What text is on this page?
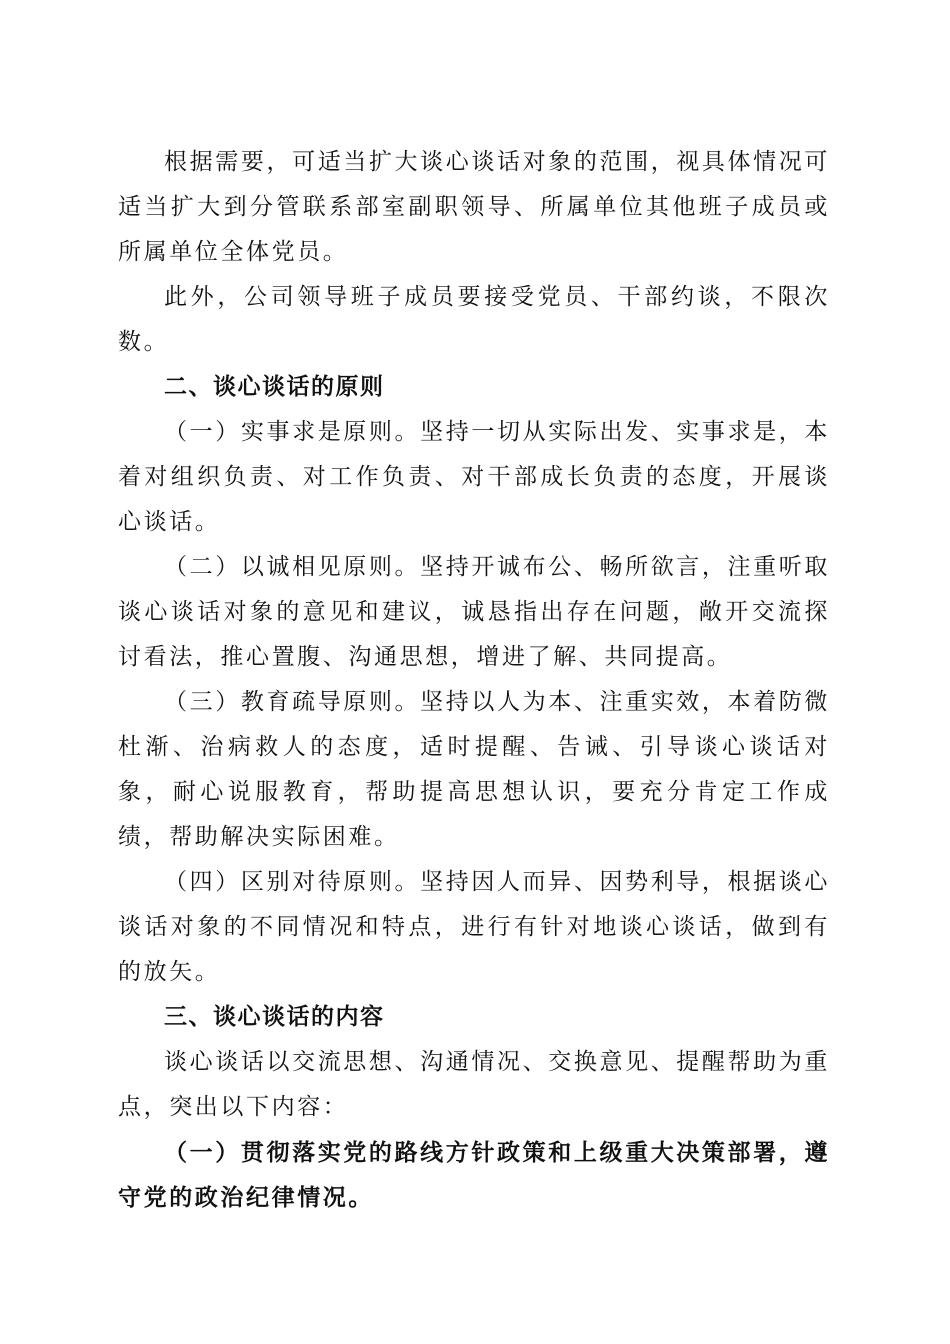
根据需要，可适当扩大谈心谈话对象的范围，视具体情况可适当扩大到分管联系部室副职领导、所属单位其他班子成员或所属单位全体党员。

此外，公司领导班子成员要接受党员、干部约谈，不限次数。

二、谈心谈话的原则

（一）实事求是原则。坚持一切从实际出发、实事求是，本着对组织负责、对工作负责、对干部成长负责的态度，开展谈心谈话。

（二）以诚相见原则。坚持开诚布公、畅所欲言，注重听取谈心谈话对象的意见和建议，诚恳指出存在问题，敞开交流探讨看法，推心置腹、沟通思想，增进了解、共同提高。

（三）教育疏导原则。坚持以人为本、注重实效，本着防微杜渐、治病救人的态度，适时提醒、告诫、引导谈心谈话对象，耐心说服教育，帮助提高思想认识，要充分肯定工作成绩，帮助解决实际困难。

（四）区别对待原则。坚持因人而异、因势利导，根据谈心谈话对象的不同情况和特点，进行有针对地谈心谈话，做到有的放矢。

三、谈心谈话的内容

谈心谈话以交流思想、沟通情况、交换意见、提醒帮助为重点，突出以下内容：

（一）贯彻落实党的路线方针政策和上级重大决策部署，遵守党的政治纪律情况。
